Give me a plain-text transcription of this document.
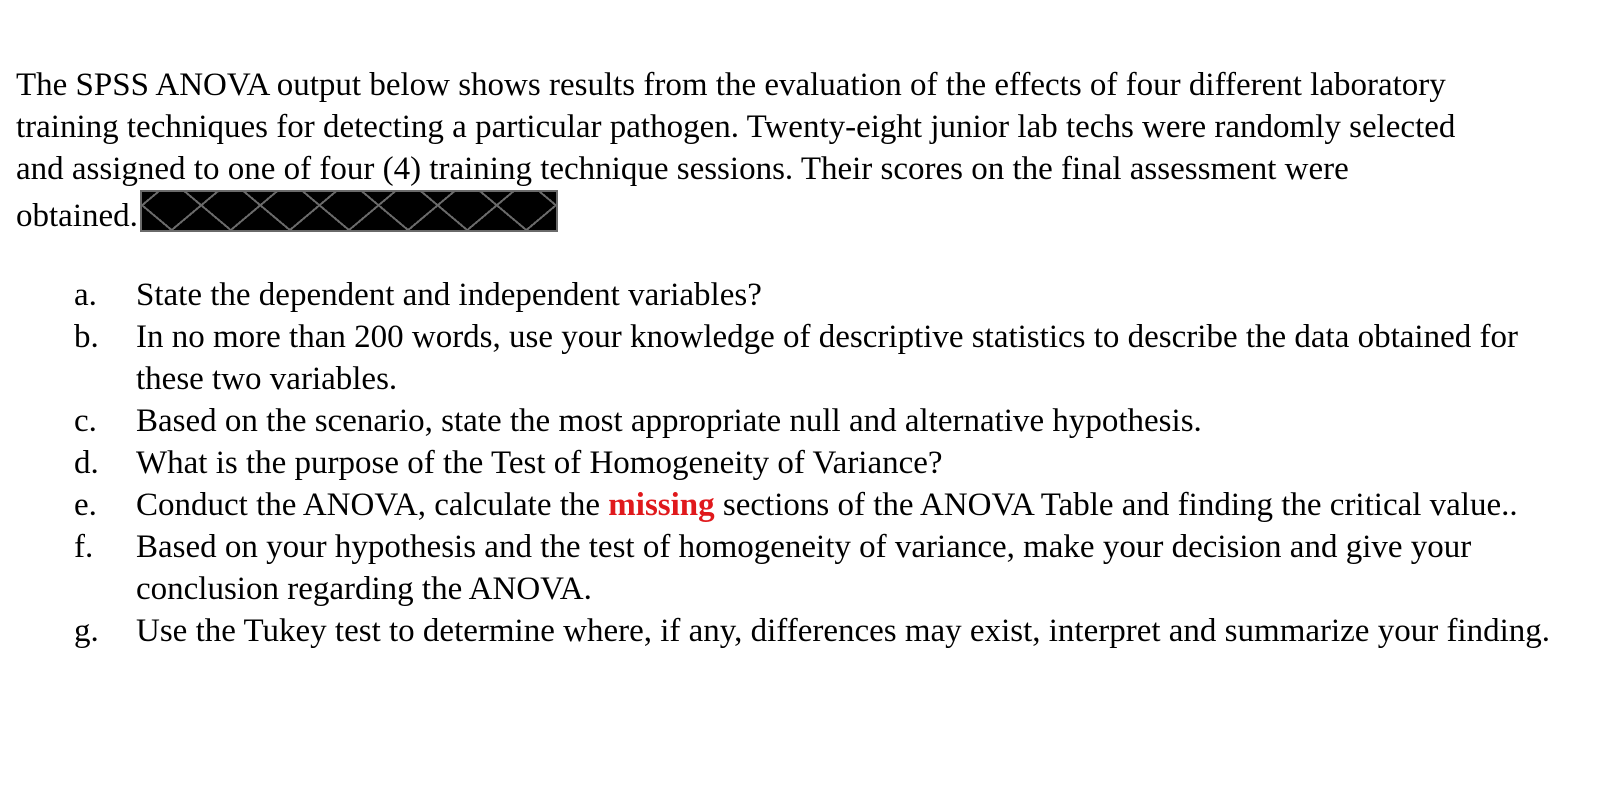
The SPSS ANOVA output below shows results from the evaluation of the effects of four different laboratory training techniques for detecting a particular pathogen. Twenty-eight junior lab techs were randomly selected and assigned to one of four (4) training technique sessions. Their scores on the final assessment were obtained.

a. State the dependent and independent variables?
b. In no more than 200 words, use your knowledge of descriptive statistics to describe the data obtained for these two variables.
c. Based on the scenario, state the most appropriate null and alternative hypothesis.
d. What is the purpose of the Test of Homogeneity of Variance?
e. Conduct the ANOVA, calculate the missing sections of the ANOVA Table and finding the critical value..
f. Based on your hypothesis and the test of homogeneity of variance, make your decision and give your conclusion regarding the ANOVA.
g. Use the Tukey test to determine where, if any, differences may exist, interpret and summarize your finding.
